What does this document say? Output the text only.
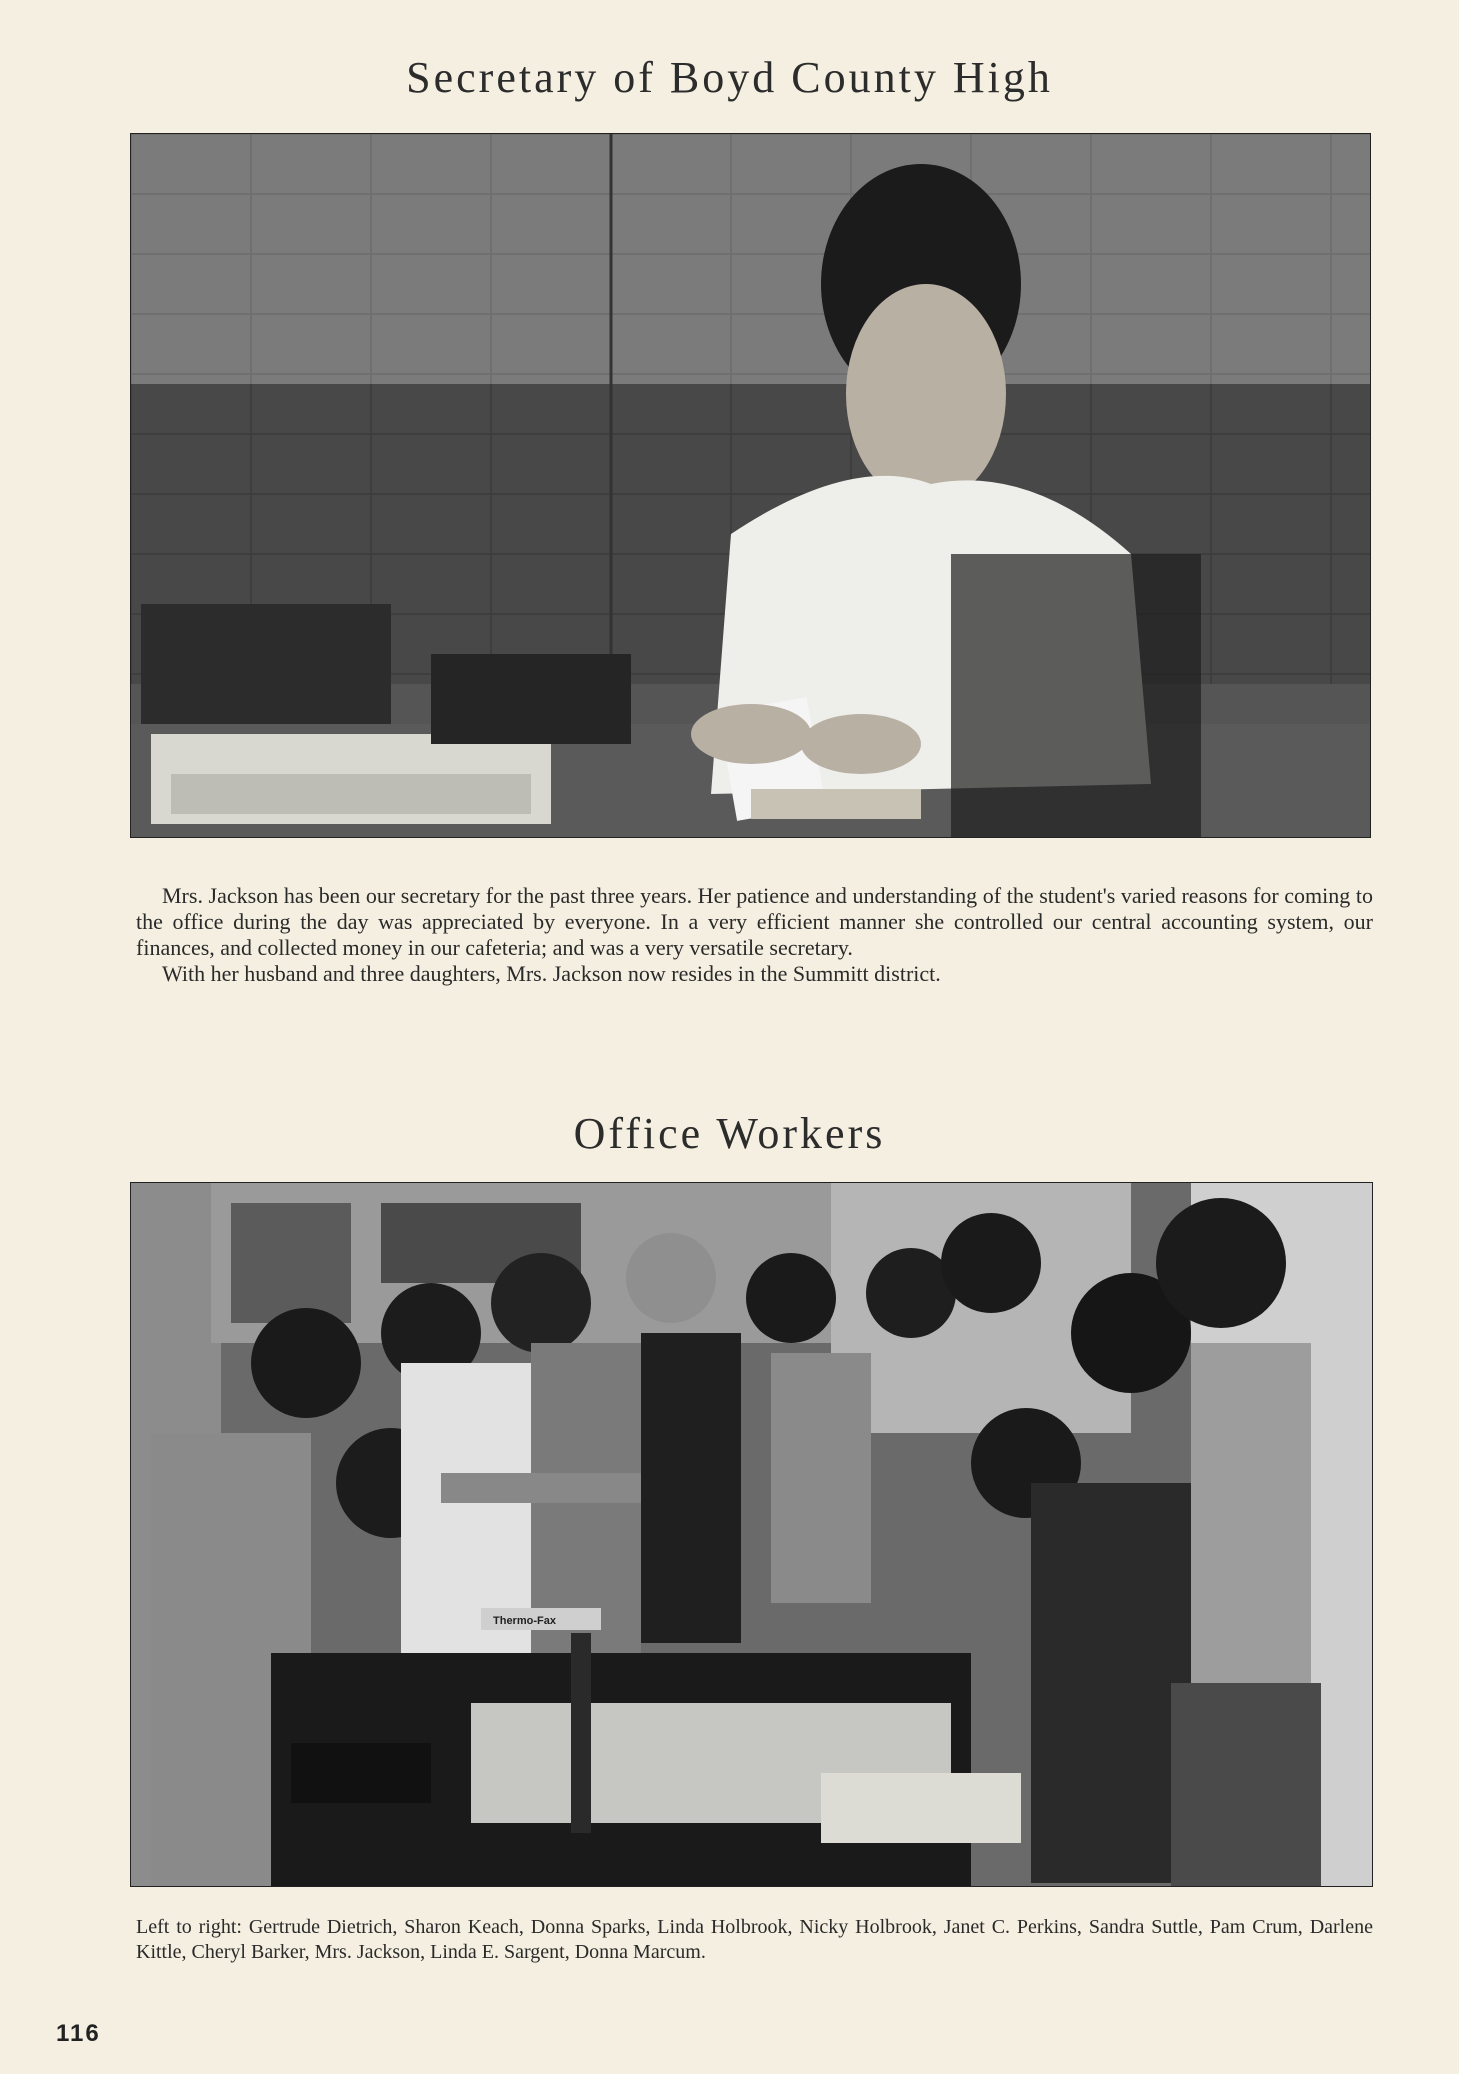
Secretary of Boyd County High

Mrs. Jackson has been our secretary for the past three years. Her patience and understanding of the student's varied reasons for coming to the office during the day was appreciated by everyone. In a very efficient manner she controlled our central accounting system, our finances, and collected money in our cafeteria; and was a very versatile secretary.

With her husband and three daughters, Mrs. Jackson now resides in the Summitt district.

Office Workers
Thermo-Fax
Left to right: Gertrude Dietrich, Sharon Keach, Donna Sparks, Linda Holbrook, Nicky Holbrook, Janet C. Perkins, Sandra Suttle, Pam Crum, Darlene Kittle, Cheryl Barker, Mrs. Jackson, Linda E. Sargent, Donna Marcum.
116
